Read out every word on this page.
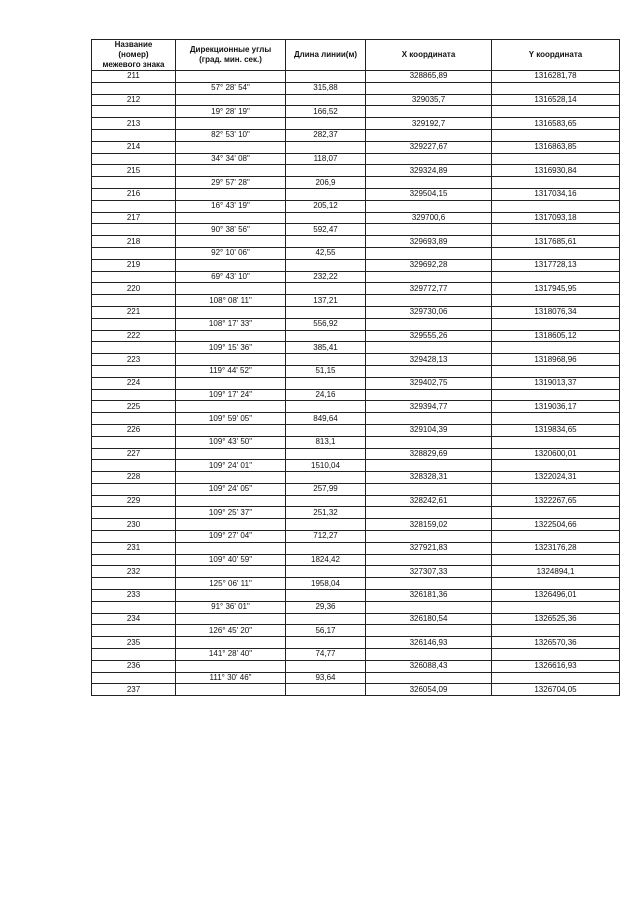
Название
(номер)
межевого знака	Дирекционные углы
(град. мин. сек.)	Длина линии(м)	X координата	Y координата

211			328865,89	1316281,78
	57° 28' 54"	315,88		
212			329035,7	1316528,14
	19° 28' 19"	166,52		
213			329192,7	1316583,65
	82° 53' 10"	282,37		
214			329227,67	1316863,85
	34° 34' 08"	118,07		
215			329324,89	1316930,84
	29° 57' 28"	206,9		
216			329504,15	1317034,16
	16° 43' 19"	205,12		
217			329700,6	1317093,18
	90° 38' 56"	592,47		
218			329693,89	1317685,61
	92° 10' 06"	42,55		
219			329692,28	1317728,13
	69° 43' 10"	232,22		
220			329772,77	1317945,95
	108° 08' 11"	137,21		
221			329730,06	1318076,34
	108° 17' 33"	556,92		
222			329555,26	1318605,12
	109° 15' 36"	385,41		
223			329428,13	1318968,96
	119° 44' 52"	51,15		
224			329402,75	1319013,37
	109° 17' 24"	24,16		
225			329394,77	1319036,17
	109° 59' 05"	849,64		
226			329104,39	1319834,65
	109° 43' 50"	813,1		
227			328829,69	1320600,01
	109° 24' 01"	1510,04		
228			328328,31	1322024,31
	109° 24' 05"	257,99		
229			328242,61	1322267,65
	109° 25' 37"	251,32		
230			328159,02	1322504,66
	109° 27' 04"	712,27		
231			327921,83	1323176,28
	109° 40' 59"	1824,42		
232			327307,33	1324894,1
	125° 06' 11"	1958,04		
233			326181,36	1326496,01
	91° 36' 01"	29,36		
234			326180,54	1326525,36
	126° 45' 20"	56,17		
235			326146,93	1326570,36
	141° 28' 40"	74,77		
236			326088,43	1326616,93
	111° 30' 46"	93,64		
237			326054,09	1326704,05
